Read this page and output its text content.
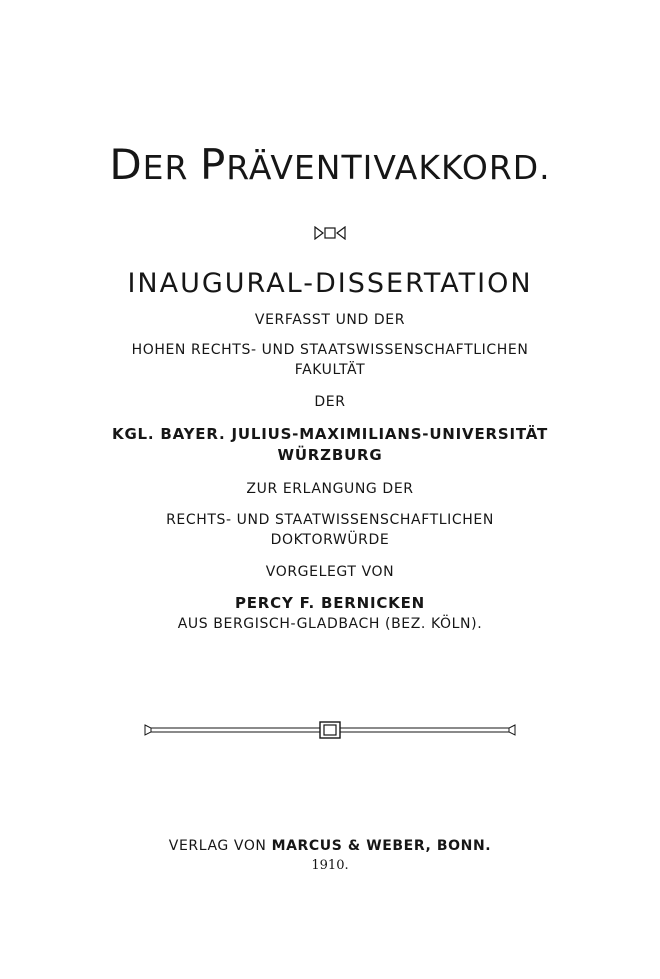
DER PRÄVENTIVAKKORD.
INAUGURAL-DISSERTATION
VERFASST UND DER
HOHEN RECHTS- UND STAATSWISSENSCHAFTLICHEN
FAKULTÄT
DER
KGL. BAYER. JULIUS-MAXIMILIANS-UNIVERSITÄT
WÜRZBURG
ZUR ERLANGUNG DER
RECHTS- UND STAATWISSENSCHAFTLICHEN
DOKTORWÜRDE
VORGELEGT VON
PERCY F. BERNICKEN
AUS BERGISCH-GLADBACH (BEZ. KÖLN).
VERLAG VON MARCUS & WEBER, BONN.
1910.
